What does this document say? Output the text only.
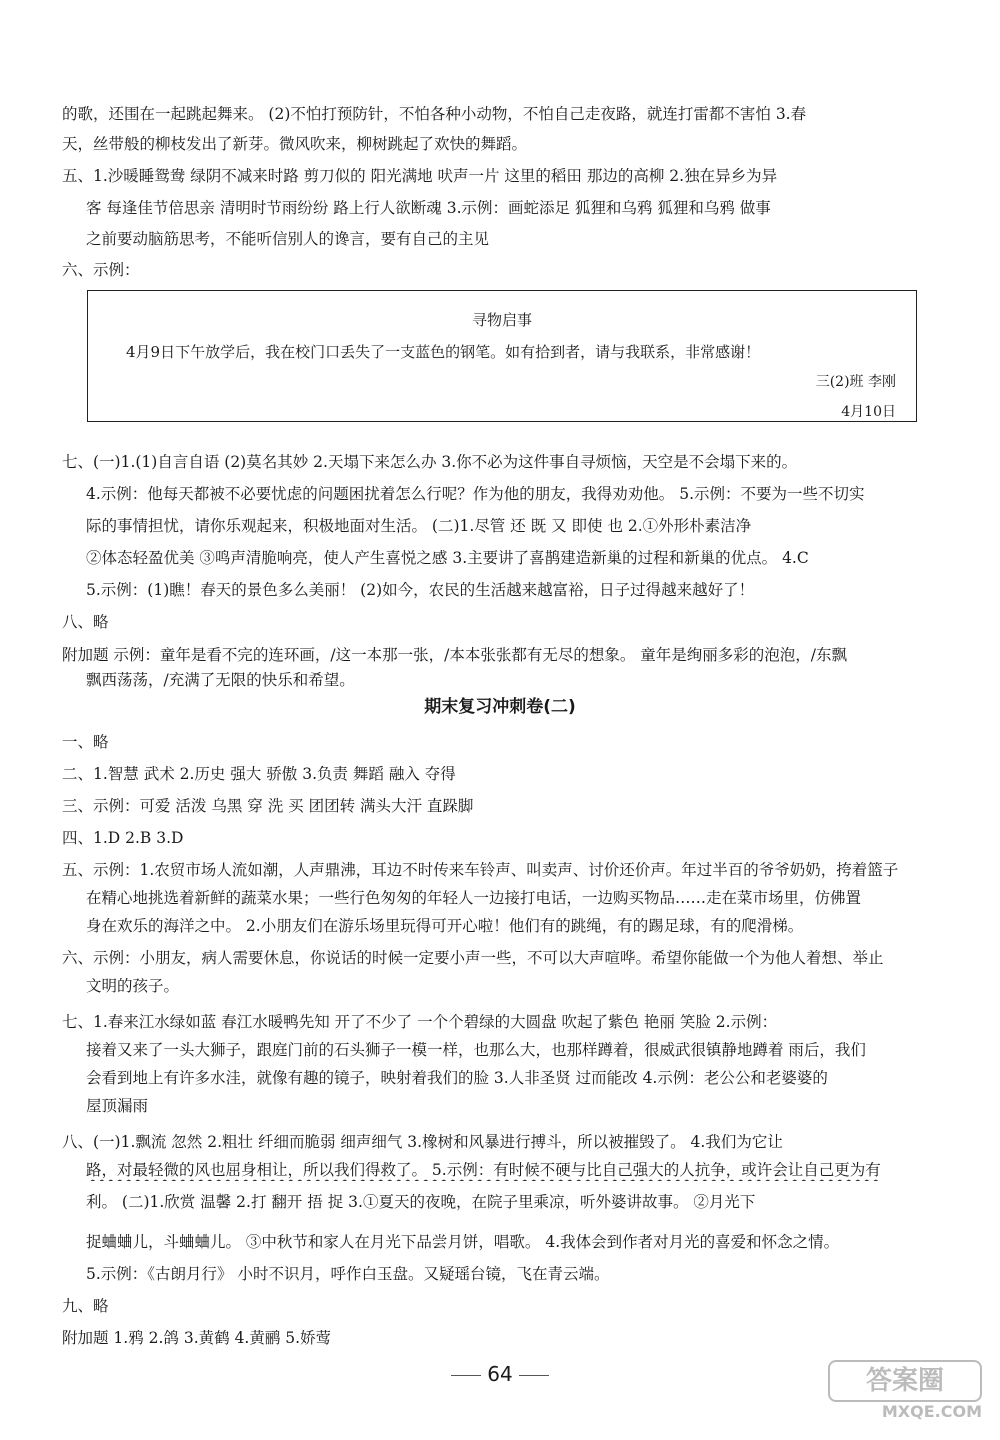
的歌，还围在一起跳起舞来。 (2)不怕打预防针，不怕各种小动物，不怕自己走夜路，就连打雷都不害怕 3.春
天，丝带般的柳枝发出了新芽。微风吹来，柳树跳起了欢快的舞蹈。
五、1.沙暖睡鸳鸯 绿阴不减来时路 剪刀似的 阳光满地 吠声一片 这里的稻田 那边的高柳 2.独在异乡为异
客 每逢佳节倍思亲 清明时节雨纷纷 路上行人欲断魂 3.示例：画蛇添足 狐狸和乌鸦 狐狸和乌鸦 做事
之前要动脑筋思考，不能听信别人的谗言，要有自己的主见
六、示例：
寻物启事
4月9日下午放学后，我在校门口丢失了一支蓝色的钢笔。如有拾到者，请与我联系，非常感谢！
三(2)班 李刚
4月10日
七、(一)1.(1)自言自语 (2)莫名其妙 2.天塌下来怎么办 3.你不必为这件事自寻烦恼，天空是不会塌下来的。
4.示例：他每天都被不必要忧虑的问题困扰着怎么行呢？作为他的朋友，我得劝劝他。 5.示例：不要为一些不切实
际的事情担忧，请你乐观起来，积极地面对生活。 (二)1.尽管 还 既 又 即使 也 2.①外形朴素洁净
②体态轻盈优美 ③鸣声清脆响亮，使人产生喜悦之感 3.主要讲了喜鹊建造新巢的过程和新巢的优点。 4.C
5.示例：(1)瞧！春天的景色多么美丽！ (2)如今，农民的生活越来越富裕，日子过得越来越好了！
八、略
附加题 示例：童年是看不完的连环画，/这一本那一张，/本本张张都有无尽的想象。 童年是绚丽多彩的泡泡，/东飘
飘西荡荡，/充满了无限的快乐和希望。
期末复习冲刺卷(二)
一、略
二、1.智慧 武术 2.历史 强大 骄傲 3.负责 舞蹈 融入 夺得
三、示例：可爱 活泼 乌黑 穿 洗 买 团团转 满头大汗 直跺脚
四、1.D 2.B 3.D
五、示例：1.农贸市场人流如潮，人声鼎沸，耳边不时传来车铃声、叫卖声、讨价还价声。年过半百的爷爷奶奶，挎着篮子
在精心地挑选着新鲜的蔬菜水果；一些行色匆匆的年轻人一边接打电话，一边购买物品……走在菜市场里，仿佛置
身在欢乐的海洋之中。 2.小朋友们在游乐场里玩得可开心啦！他们有的跳绳，有的踢足球，有的爬滑梯。
六、示例：小朋友，病人需要休息，你说话的时候一定要小声一些，不可以大声喧哗。希望你能做一个为他人着想、举止
文明的孩子。
七、1.春来江水绿如蓝 春江水暖鸭先知 开了不少了 一个个碧绿的大圆盘 吹起了紫色 艳丽 笑脸 2.示例：
接着又来了一头大狮子，跟庭门前的石头狮子一模一样，也那么大，也那样蹲着，很威武很镇静地蹲着 雨后，我们
会看到地上有许多水洼，就像有趣的镜子，映射着我们的脸 3.人非圣贤 过而能改 4.示例：老公公和老婆婆的
屋顶漏雨
八、(一)1.飘流 忽然 2.粗壮 纤细而脆弱 细声细气 3.橡树和风暴进行搏斗，所以被摧毁了。 4.我们为它让
路，对最轻微的风也屈身相让，所以我们得救了。 5.示例：有时候不硬与比自己强大的人抗争，或许会让自己更为有
利。 (二)1.欣赏 温馨 2.打 翻开 捂 捉 3.①夏天的夜晚，在院子里乘凉，听外婆讲故事。 ②月光下
捉蛐蛐儿，斗蛐蛐儿。 ③中秋节和家人在月光下品尝月饼，唱歌。 4.我体会到作者对月光的喜爱和怀念之情。
5.示例：《古朗月行》 小时不识月，呼作白玉盘。又疑瑶台镜，飞在青云端。
九、略
附加题 1.鸦 2.鸽 3.黄鹤 4.黄鹂 5.娇莺
64	答案圈
MXQE.COM
